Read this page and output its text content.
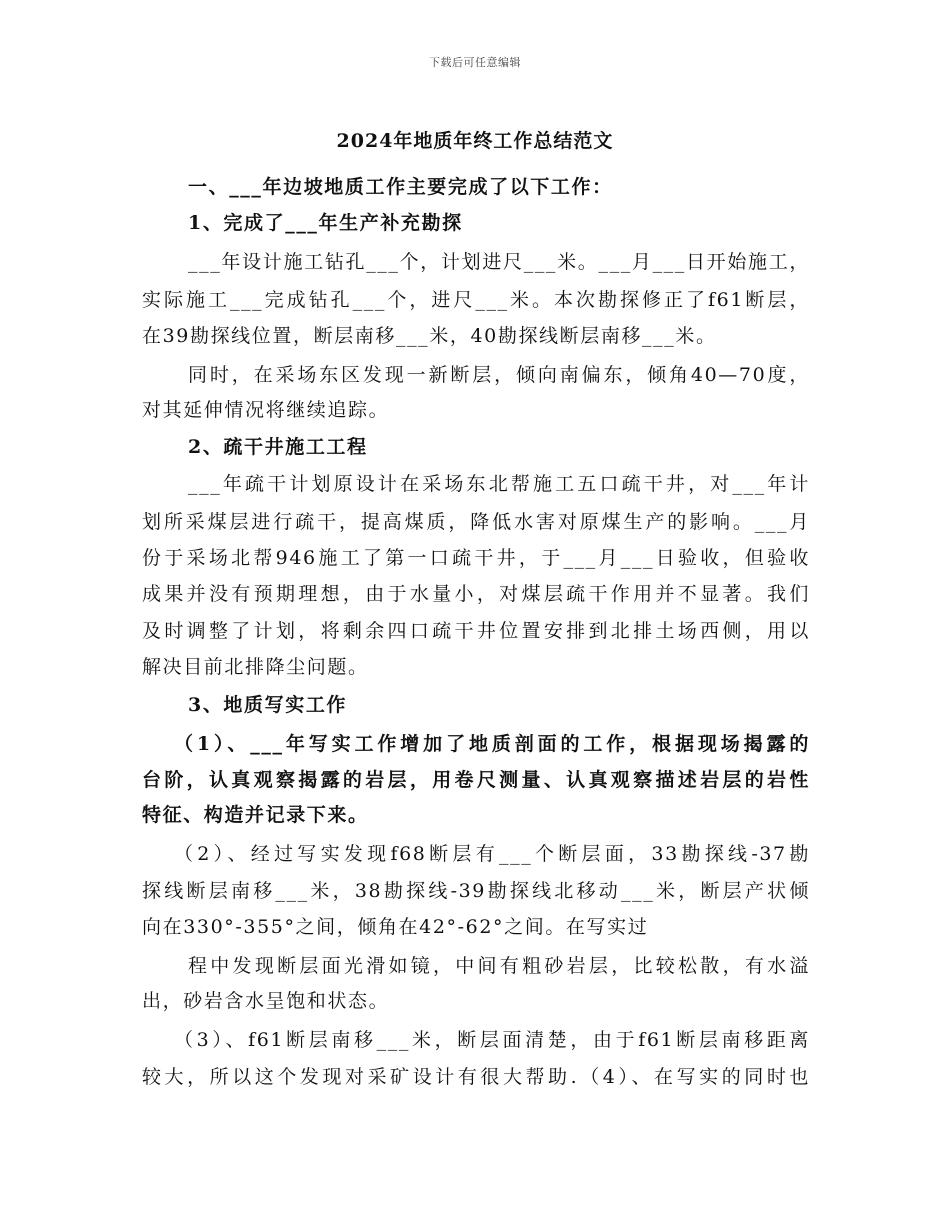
下载后可任意编辑
2024年地质年终工作总结范文
一、___年边坡地质工作主要完成了以下工作：
1、完成了___年生产补充勘探
___年设计施工钻孔___个，计划进尺___米。___月___日开始施工，
实际施工___完成钻孔___个，进尺___米。本次勘探修正了f61断层，
在39勘探线位置，断层南移___米，40勘探线断层南移___米。
同时，在采场东区发现一新断层，倾向南偏东，倾角40—70度，
对其延伸情况将继续追踪。
2、疏干井施工工程
___年疏干计划原设计在采场东北帮施工五口疏干井，对___年计
划所采煤层进行疏干，提高煤质，降低水害对原煤生产的影响。___月
份于采场北帮946施工了第一口疏干井，于___月___日验收，但验收
成果并没有预期理想，由于水量小，对煤层疏干作用并不显著。我们
及时调整了计划，将剩余四口疏干井位置安排到北排土场西侧，用以
解决目前北排降尘问题。
3、地质写实工作
（1）、___年写实工作增加了地质剖面的工作，根据现场揭露的
台阶，认真观察揭露的岩层，用卷尺测量、认真观察描述岩层的岩性
特征、构造并记录下来。
（2）、经过写实发现f68断层有___个断层面，33勘探线-37勘
探线断层南移___米，38勘探线-39勘探线北移动___米，断层产状倾
向在330°-355°之间，倾角在42°-62°之间。在写实过
程中发现断层面光滑如镜，中间有粗砂岩层，比较松散，有水溢
出，砂岩含水呈饱和状态。
（3）、f61断层南移___米，断层面清楚，由于f61断层南移距离
较大，所以这个发现对采矿设计有很大帮助.（4）、在写实的同时也
